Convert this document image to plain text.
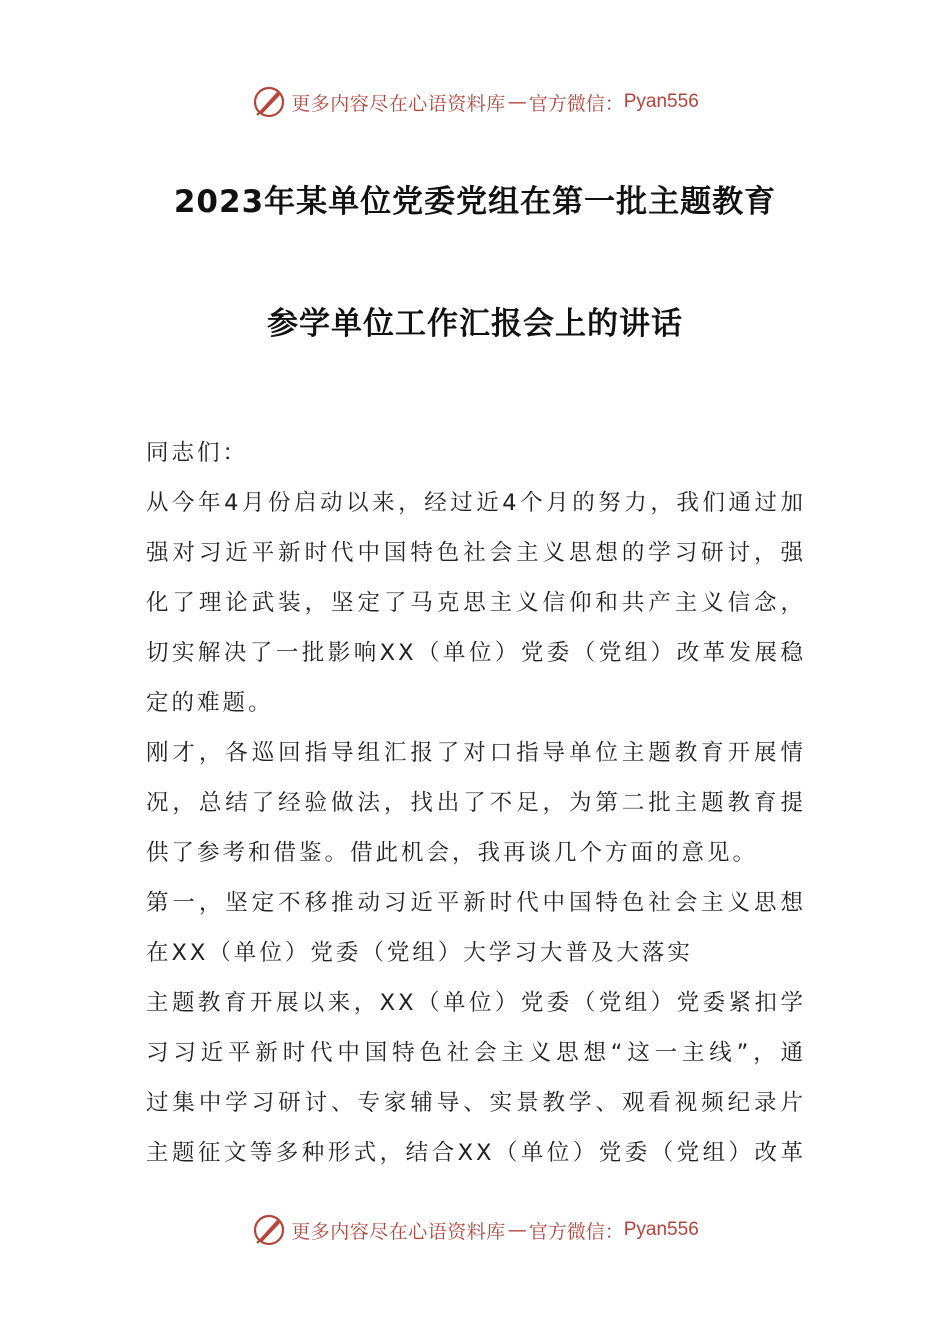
更多内容尽在心语资料库 — 官方微信： Pyan556
2023年某单位党委党组在第一批主题教育
参学单位工作汇报会上的讲话
同志们：
从今年4月份启动以来，经过近4个月的努力，我们通过加
强对习近平新时代中国特色社会主义思想的学习研讨，强
化了理论武装，坚定了马克思主义信仰和共产主义信念，
切实解决了一批影响XX（单位）党委（党组）改革发展稳
定的难题。
刚才，各巡回指导组汇报了对口指导单位主题教育开展情
况，总结了经验做法，找出了不足，为第二批主题教育提
供了参考和借鉴。借此机会，我再谈几个方面的意见。
第一，坚定不移推动习近平新时代中国特色社会主义思想
在XX（单位）党委（党组）大学习大普及大落实
主题教育开展以来，XX（单位）党委（党组）党委紧扣学
习习近平新时代中国特色社会主义思想“这一主线”，通
过集中学习研讨、专家辅导、实景教学、观看视频纪录片
主题征文等多种形式，结合XX（单位）党委（党组）改革
更多内容尽在心语资料库 — 官方微信： Pyan556
